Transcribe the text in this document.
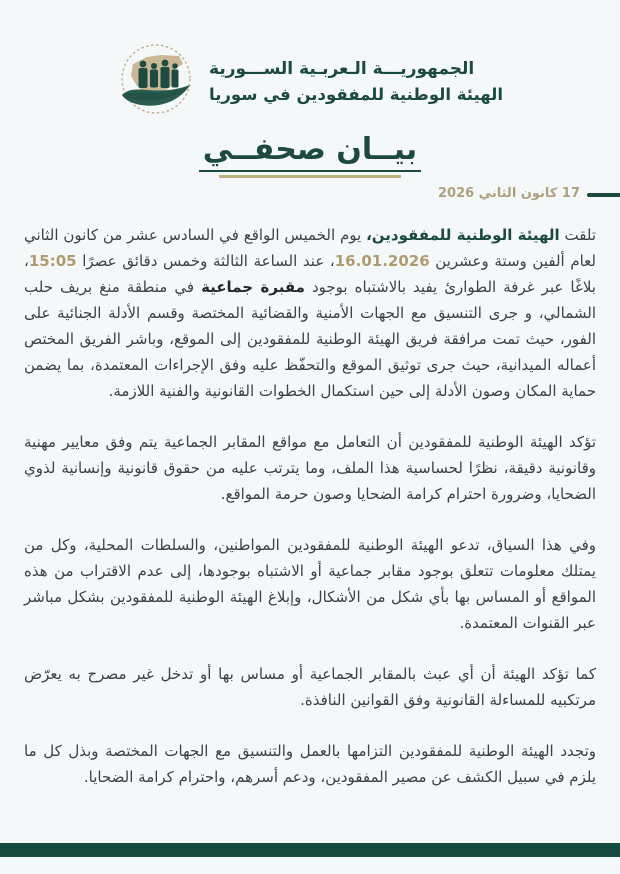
الجمهوريـــة الـعربـية الســـورية
الهيئة الوطنية للمفقودين في سوريا
بيــان صحفــي
17 كانون الثاني 2026

تلقت الهيئة الوطنية للمفقودين، يوم الخميس الواقع في السادس عشر من كانون الثاني لعام ألفين وستة وعشرين 16.01.2026، عند الساعة الثالثة وخمس دقائق عصرًا 15:05، بلاغًا عبر غرفة الطوارئ يفيد بالاشتباه بوجود مقبرة جماعية في منطقة منغ بريف حلب الشمالي، و جرى التنسيق مع الجهات الأمنية والقضائية المختصة وقسم الأدلة الجنائية على الفور، حيث تمت مرافقة فريق الهيئة الوطنية للمفقودين إلى الموقع، وباشر الفريق المختص أعماله الميدانية، حيث جرى توثيق الموقع والتحفّظ عليه وفق الإجراءات المعتمدة، بما يضمن حماية المكان وصون الأدلة إلى حين استكمال الخطوات القانونية والفنية اللازمة.

تؤكد الهيئة الوطنية للمفقودين أن التعامل مع مواقع المقابر الجماعية يتم وفق معايير مهنية وقانونية دقيقة، نظرًا لحساسية هذا الملف، وما يترتب عليه من حقوق قانونية وإنسانية لذوي الضحايا، وضرورة احترام كرامة الضحايا وصون حرمة المواقع.

وفي هذا السياق، تدعو الهيئة الوطنية للمفقودين المواطنين، والسلطات المحلية، وكل من يمتلك معلومات تتعلق بوجود مقابر جماعية أو الاشتباه بوجودها، إلى عدم الاقتراب من هذه المواقع أو المساس بها بأي شكل من الأشكال، وإبلاغ الهيئة الوطنية للمفقودين بشكل مباشر عبر القنوات المعتمدة.

كما تؤكد الهيئة أن أي عبث بالمقابر الجماعية أو مساس بها أو تدخل غير مصرح به يعرّض مرتكبيه للمساءلة القانونية وفق القوانين النافذة.

وتجدد الهيئة الوطنية للمفقودين التزامها بالعمل والتنسيق مع الجهات المختصة وبذل كل ما يلزم في سبيل الكشف عن مصير المفقودين، ودعم أسرهم، واحترام كرامة الضحايا.
